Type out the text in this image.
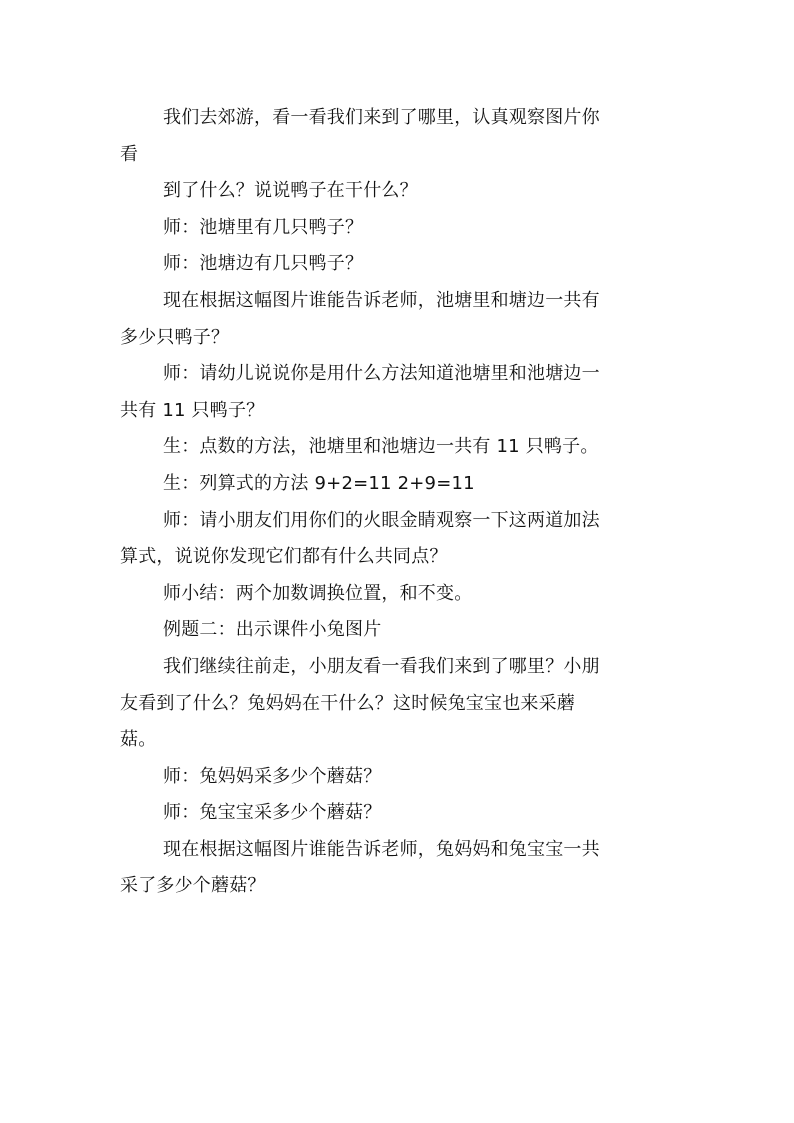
我们去郊游，看一看我们来到了哪里，认真观察图片你
看
到了什么？说说鸭子在干什么？
师：池塘里有几只鸭子？
师：池塘边有几只鸭子？
现在根据这幅图片谁能告诉老师，池塘里和塘边一共有
多少只鸭子？
师：请幼儿说说你是用什么方法知道池塘里和池塘边一
共有 11 只鸭子？
生：点数的方法，池塘里和池塘边一共有 11 只鸭子。
生：列算式的方法 9+2=11 2+9=11
师：请小朋友们用你们的火眼金睛观察一下这两道加法
算式，说说你发现它们都有什么共同点？
师小结：两个加数调换位置，和不变。
例题二：出示课件小兔图片
我们继续往前走，小朋友看一看我们来到了哪里？小朋
友看到了什么？兔妈妈在干什么？这时候兔宝宝也来采蘑
菇。
师：兔妈妈采多少个蘑菇？
师：兔宝宝采多少个蘑菇？
现在根据这幅图片谁能告诉老师，兔妈妈和兔宝宝一共
采了多少个蘑菇？
